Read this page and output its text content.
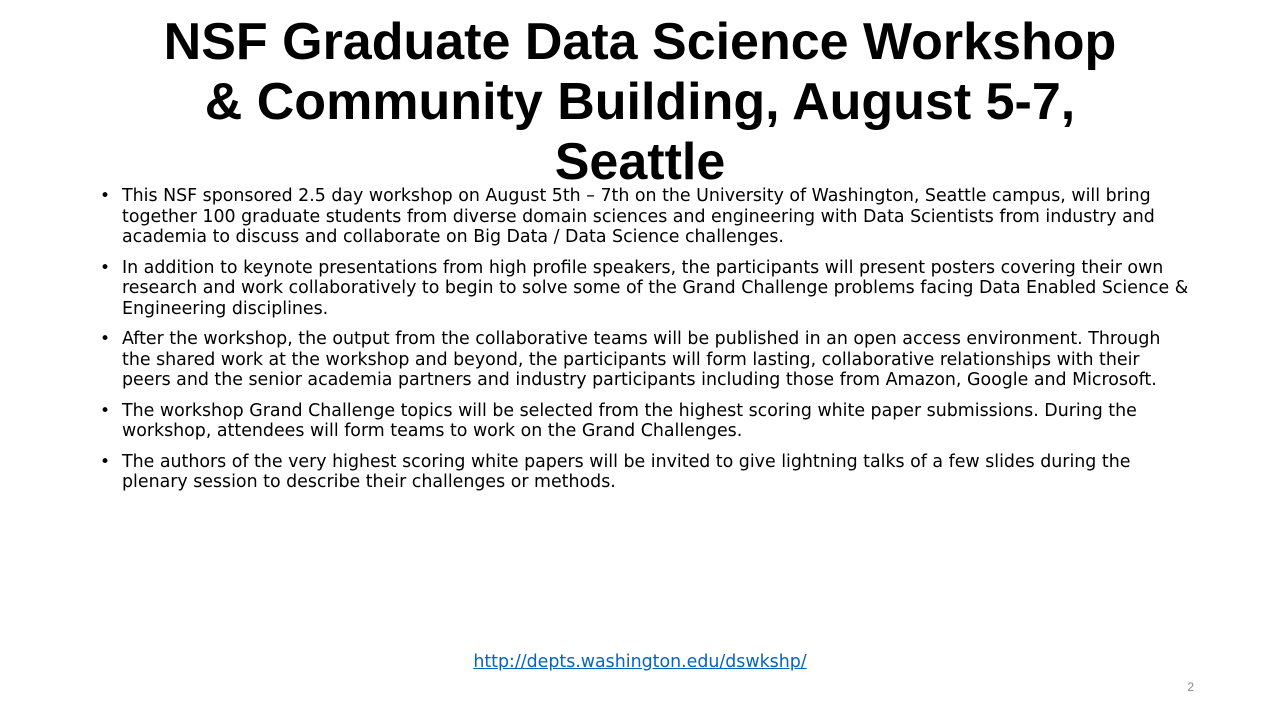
NSF Graduate Data Science Workshop
& Community Building, August 5-7,
Seattle
• This NSF sponsored 2.5 day workshop on August 5th – 7th on the University of Washington, Seattle campus, will bring together 100 graduate students from diverse domain sciences and engineering with Data Scientists from industry and academia to discuss and collaborate on Big Data / Data Science challenges.
• In addition to keynote presentations from high profile speakers, the participants will present posters covering their own research and work collaboratively to begin to solve some of the Grand Challenge problems facing Data Enabled Science & Engineering disciplines.
• After the workshop, the output from the collaborative teams will be published in an open access environment. Through the shared work at the workshop and beyond, the participants will form lasting, collaborative relationships with their peers and the senior academia partners and industry participants including those from Amazon, Google and Microsoft.
• The workshop Grand Challenge topics will be selected from the highest scoring white paper submissions. During the workshop, attendees will form teams to work on the Grand Challenges.
• The authors of the very highest scoring white papers will be invited to give lightning talks of a few slides during the plenary session to describe their challenges or methods.
http://depts.washington.edu/dswkshp/
2
